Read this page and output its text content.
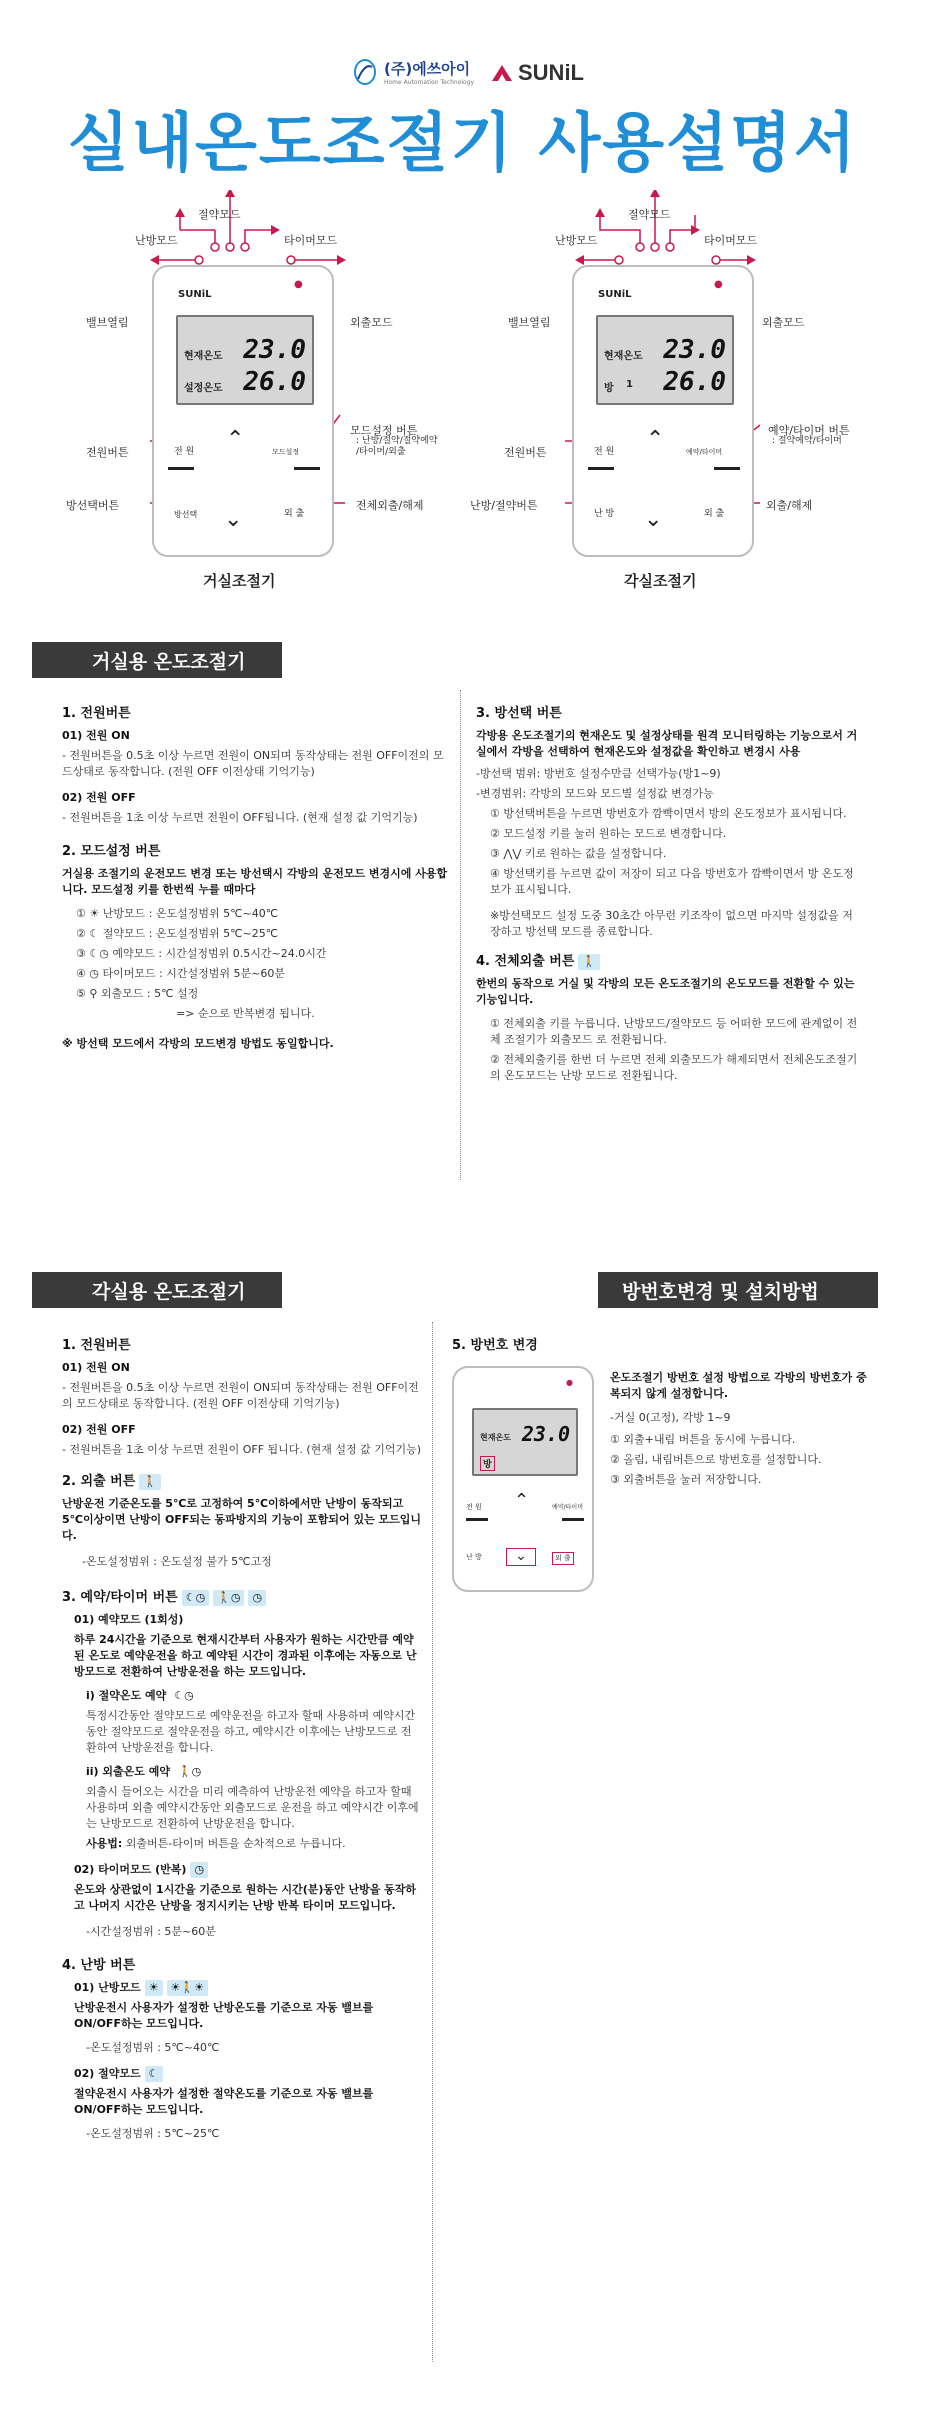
(주)에쓰아이
Home Automation Technology SUNiL
실내온도조절기 사용설명서
SUNiL
●
현재온도 23.0
설정온도 26.0
⌃
⌄
전 원	모드설정
방선택	외 출
절약모드
난방모드	타이머모드
밸브열림	외출모드
전원버튼
모드설정 버튼
: 난방/절약/절약예약
/타이머/외출
방선택버튼	전체외출/해제
거실조절기
SUNiL
●
현재온도 23.0
방 1 26.0
⌃
⌄
전 원	예약/타이머
난 방	외 출
절약모드
난방모드	타이머모드
밸브열림	외출모드
전원버튼
예약/타이머 버튼
: 절약예약/타이머
난방/절약버튼	외출/해제
각실조절기
거실용 온도조절기
1. 전원버튼

01) 전원 ON

- 전원버튼을 0.5초 이상 누르면 전원이 ON되며 동작상태는 전원 OFF이전의 모드상태로 동작합니다. (전원 OFF 이전상태 기억기능)

02) 전원 OFF

- 전원버튼을 1초 이상 누르면 전원이 OFF됩니다. (현재 설정 값 기억기능)

2. 모드설정 버튼

거실용 조절기의 운전모드 변경 또는 방선택시 각방의 운전모드 변경시에 사용합니다. 모드설정 키를 한번씩 누를 때마다

① ☀ 난방모드 : 온도설정범위 5℃~40℃

② ☾ 절약모드 : 온도설정범위 5℃~25℃

③ ☾◷ 예약모드 : 시간설정범위 0.5시간~24.0시간

④ ◷ 타이머모드 : 시간설정범위 5분~60분

⑤ ⚲ 외출모드 : 5℃ 설정

=> 순으로 반복변경 됩니다.

※ 방선택 모드에서 각방의 모드변경 방법도 동일합니다.

3. 방선택 버튼

각방용 온도조절기의 현재온도 및 설정상태를 원격 모니터링하는 기능으로서 거실에서 각방을 선택하여 현재온도와 설정값을 확인하고 변경시 사용

-방선택 범위: 방번호 설정수만큼 선택가능(방1~9)

-변경범위: 각방의 모드와 모드별 설정값 변경가능

① 방선택버튼을 누르면 방번호가 깜빡이면서 방의 온도정보가 표시됩니다.

② 모드설정 키를 눌러 원하는 모드로 변경합니다.

③ ⋀⋁ 키로 원하는 값을 설정합니다.

④ 방선택키를 누르면 값이 저장이 되고 다음 방번호가 깜빡이면서 방 온도정보가 표시됩니다.

※방선택모드 설정 도중 30초간 아무런 키조작이 없으면 마지막 설정값을 저장하고 방선택 모드를 종료합니다.

4. 전체외출 버튼 🚶

한번의 동작으로 거실 및 각방의 모든 온도조절기의 온도모드를 전환할 수 있는 기능입니다.

① 전체외출 키를 누릅니다. 난방모드/절약모드 등 어떠한 모드에 관계없이 전체 조절기가 외출모드 로 전환됩니다.

② 전체외출키를 한번 더 누르면 전체 외출모드가 해제되면서 전체온도조절기의 온도모드는 난방 모드로 전환됩니다.

각실용 온도조절기	방번호변경 및 설치방법
1. 전원버튼

01) 전원 ON

- 전원버튼을 0.5초 이상 누르면 전원이 ON되며 동작상태는 전원 OFF이전의 모드상태로 동작합니다. (전원 OFF 이전상태 기억기능)

02) 전원 OFF

- 전원버튼을 1초 이상 누르면 전원이 OFF 됩니다. (현재 설정 값 기억기능)

2. 외출 버튼 🚶

난방운전 기준온도를 5℃로 고정하여 5℃이하에서만 난방이 동작되고 5℃이상이면 난방이 OFF되는 동파방지의 기능이 포함되어 있는 모드입니다.

-온도설정범위 : 온도설정 불가 5℃고정

3. 예약/타이머 버튼 ☾◷ 🚶◷ ◷

01) 예약모드 (1회성)

하루 24시간을 기준으로 현재시간부터 사용자가 원하는 시간만큼 예약된 온도로 예약운전을 하고 예약된 시간이 경과된 이후에는 자동으로 난방모드로 전환하여 난방운전을 하는 모드입니다.

i) 절약온도 예약 ☾◷

특정시간동안 절약모드로 예약운전을 하고자 할때 사용하며 예약시간동안 절약모드로 절약운전을 하고, 예약시간 이후에는 난방모드로 전환하여 난방운전을 합니다.

ii) 외출온도 예약 🚶◷

외출시 들어오는 시간을 미리 예측하여 난방운전 예약을 하고자 할때 사용하며 외출 예약시간동안 외출모드로 운전을 하고 예약시간 이후에는 난방모드로 전환하여 난방운전을 합니다.

사용법: 외출버튼-타이머 버튼을 순차적으로 누릅니다.

02) 타이머모드 (반복) ◷

온도와 상관없이 1시간을 기준으로 원하는 시간(분)동안 난방을 동작하고 나머지 시간은 난방을 정지시키는 난방 반복 타이머 모드입니다.

-시간설정범위 : 5분~60분

4. 난방 버튼

01) 난방모드 ☀ ☀🚶☀

난방운전시 사용자가 설정한 난방온도를 기준으로 자동 밸브를 ON/OFF하는 모드입니다.

-온도설정범위 : 5℃~40℃

02) 절약모드 ☾

절약운전시 사용자가 설정한 절약온도를 기준으로 자동 밸브를 ON/OFF하는 모드입니다.

-온도설정범위 : 5℃~25℃

5. 방번호 변경
●
현재온도 23.0
방
⌃
전 원	예약/타이머
난 방	⌄	외 출

온도조절기 방번호 설정 방법으로 각방의 방번호가 중복되지 않게 설정합니다.

-거실 0(고정), 각방 1~9

① 외출+내림 버튼을 동시에 누릅니다.

② 올림, 내림버튼으로 방번호를 설정합니다.

③ 외출버튼을 눌러 저장합니다.
